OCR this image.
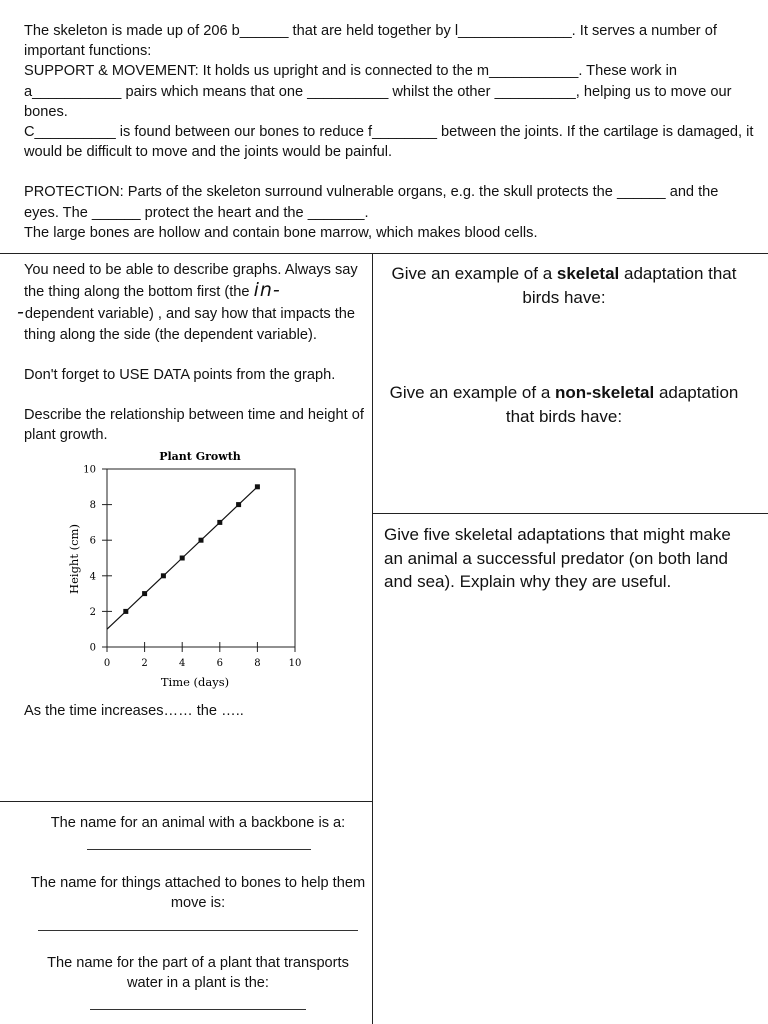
The skeleton is made up of 206 b______ that are held together by l______________. It serves a number of important functions:

SUPPORT & MOVEMENT: It holds us upright and is connected to the m___________. These work in a___________ pairs which means that one __________ whilst the other __________, helping us to move our bones.

C__________ is found between our bones to reduce f________ between the joints. If the cartilage is damaged, it would be difficult to move and the joints would be painful.

PROTECTION: Parts of the skeleton surround vulnerable organs, e.g. the skull protects the ______ and the eyes. The ______ protect the heart and the _______.

The large bones are hollow and contain bone marrow, which makes blood cells.

You need to be able to describe graphs. Always say the thing along the bottom first (the in-
-dependent variable) , and say how that impacts the thing along the side (the dependent variable).

Don't forget to USE DATA points from the graph.

Describe the relationship between time and height of plant growth.

Plant Growth
Time (days)
Height (cm)
0	2	4	6	8	10
0
2
4
6
8
10
As the time increases…… the …..
Give an example of a skeletal adaptation that birds have:
Give an example of a non-skeletal adaptation that birds have:
Give five skeletal adaptations that might make an animal a successful predator (on both land and sea). Explain why they are useful.
The name for an animal with a backbone is a:
The name for things attached to bones to help them move is:
The name for the part of a plant that transports water in a plant is the:
